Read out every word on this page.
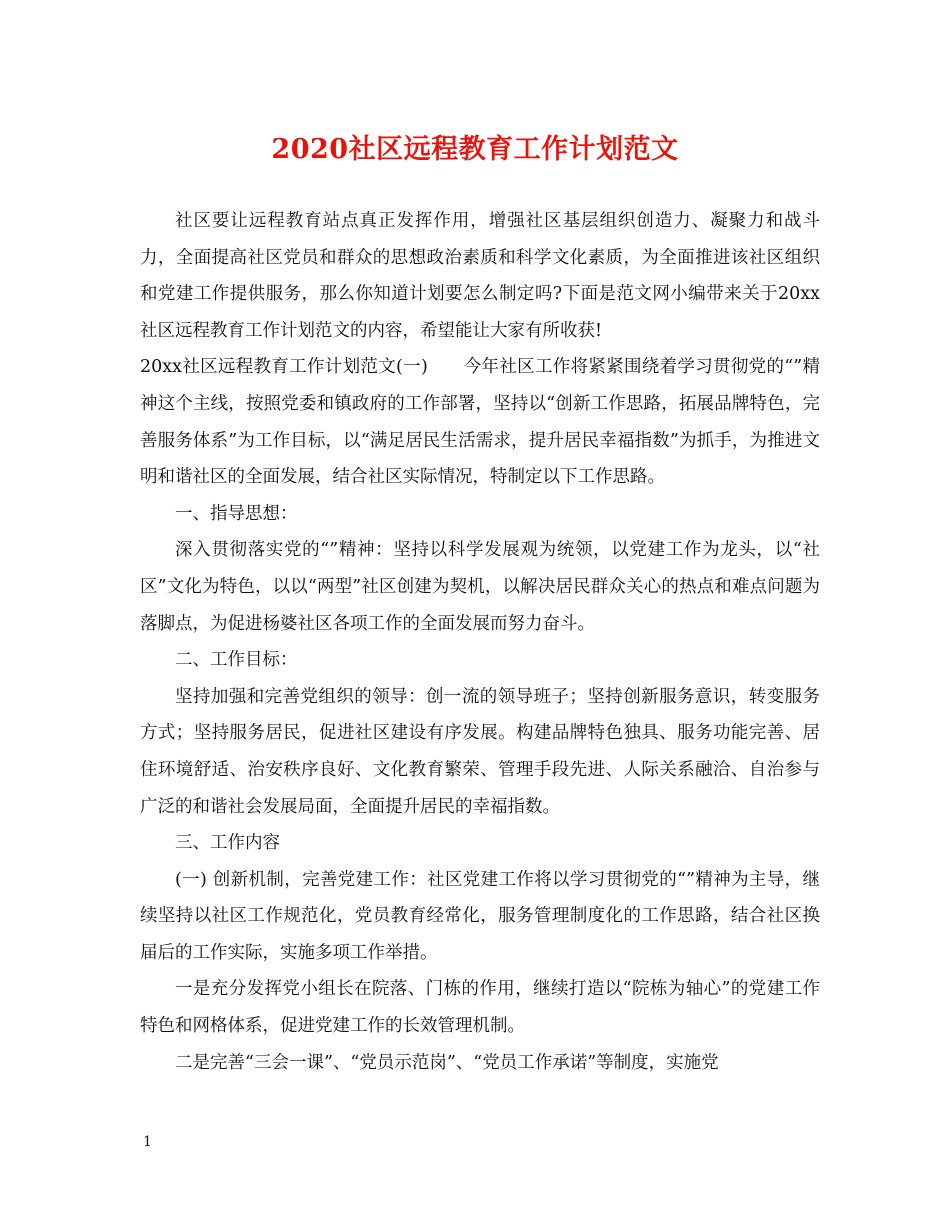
2020社区远程教育工作计划范文

社区要让远程教育站点真正发挥作用，增强社区基层组织创造力、凝聚力和战斗力，全面提高社区党员和群众的思想政治素质和科学文化素质，为全面推进该社区组织和党建工作提供服务，那么你知道计划要怎么制定吗?下面是范文网小编带来关于20xx社区远程教育工作计划范文的内容，希望能让大家有所收获!

20xx社区远程教育工作计划范文(一)　　今年社区工作将紧紧围绕着学习贯彻党的“”精神这个主线，按照党委和镇政府的工作部署，坚持以“创新工作思路，拓展品牌特色，完善服务体系”为工作目标，以“满足居民生活需求，提升居民幸福指数”为抓手，为推进文明和谐社区的全面发展，结合社区实际情况，特制定以下工作思路。

一、指导思想：

深入贯彻落实党的“”精神：坚持以科学发展观为统领，以党建工作为龙头，以“社区”文化为特色，以以“两型”社区创建为契机，以解决居民群众关心的热点和难点问题为落脚点，为促进杨婆社区各项工作的全面发展而努力奋斗。

二、工作目标：

坚持加强和完善党组织的领导：创一流的领导班子；坚持创新服务意识，转变服务方式；坚持服务居民，促进社区建设有序发展。构建品牌特色独具、服务功能完善、居住环境舒适、治安秩序良好、文化教育繁荣、管理手段先进、人际关系融洽、自治参与广泛的和谐社会发展局面，全面提升居民的幸福指数。

三、工作内容

(一) 创新机制，完善党建工作：社区党建工作将以学习贯彻党的“”精神为主导，继续坚持以社区工作规范化，党员教育经常化，服务管理制度化的工作思路，结合社区换届后的工作实际，实施多项工作举措。

一是充分发挥党小组长在院落、门栋的作用，继续打造以“院栋为轴心”的党建工作特色和网格体系，促进党建工作的长效管理机制。

二是完善“三会一课”、“党员示范岗”、“党员工作承诺”等制度，实施党

1
